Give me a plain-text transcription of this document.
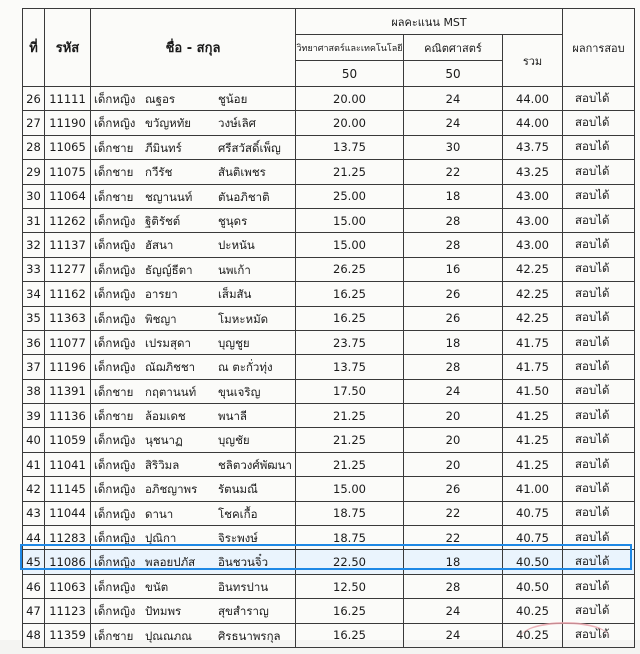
ที่	รหัส	ชื่อ - สกุล	ผลคะแนน MST			ผลการสอบ
			วิทยาศาสตร์และเทคโนโลยี	คณิตศาสตร์	รวม	
			50	50		
26	11111	เด็กหญิง ณฐอร ชูน้อย	20.00	24	44.00	สอบได้
27	11190	เด็กหญิง ขวัญหทัย วงษ์เลิศ	20.00	24	44.00	สอบได้
28	11065	เด็กชาย ภีมินทร์ ศรีสวัสดิ์เพ็ญ	13.75	30	43.75	สอบได้
29	11075	เด็กชาย กวีรัช สันติเพชร	21.25	22	43.25	สอบได้
30	11064	เด็กชาย ชญานนท์ ตันอภิชาติ	25.00	18	43.00	สอบได้
31	11262	เด็กหญิง ฐิติรัชต์ ชูนุดร	15.00	28	43.00	สอบได้
32	11137	เด็กหญิง ฮัสนา ปะหนัน	15.00	28	43.00	สอบได้
33	11277	เด็กหญิง ธัญญ์ธีตา นพเก้า	26.25	16	42.25	สอบได้
34	11162	เด็กหญิง อารยา เส็มสัน	16.25	26	42.25	สอบได้
35	11363	เด็กหญิง พิชญา โมหะหมัด	16.25	26	42.25	สอบได้
36	11077	เด็กหญิง เปรมสุดา บุญชูย	23.75	18	41.75	สอบได้
37	11196	เด็กหญิง ณัฌภิชชา ณ ตะกั่วทุ่ง	13.75	28	41.75	สอบได้
38	11391	เด็กชาย กฤตานนท์ ขุนเจริญ	17.50	24	41.50	สอบได้
39	11136	เด็กชาย ล้อมเดช พนาลี	21.25	20	41.25	สอบได้
40	11059	เด็กหญิง นุชนาฏ บุญชัย	21.25	20	41.25	สอบได้
41	11041	เด็กหญิง สิริวิมล ชลิตวงศ์พัฒนา	21.25	20	41.25	สอบได้
42	11145	เด็กหญิง อภิชญาพร รัตนมณี	15.00	26	41.00	สอบได้
43	11044	เด็กหญิง ดานา โชคเกื้อ	18.75	22	40.75	สอบได้
44	11283	เด็กหญิง ปุณิกา จิระพงษ์	18.75	22	40.75	สอบได้
45	11086	เด็กหญิง พลอยปภัส อินชวนจิ๋ว	22.50	18	40.50	สอบได้
46	11063	เด็กหญิง ขนัต อินทรปาน	12.50	28	40.50	สอบได้
47	11123	เด็กหญิง ปัทมพร สุขสำราญ	16.25	24	40.25	สอบได้
48	11359	เด็กชาย ปุณณภณ ศิรธนาพรกุล	16.25	24	40.25	สอบได้
